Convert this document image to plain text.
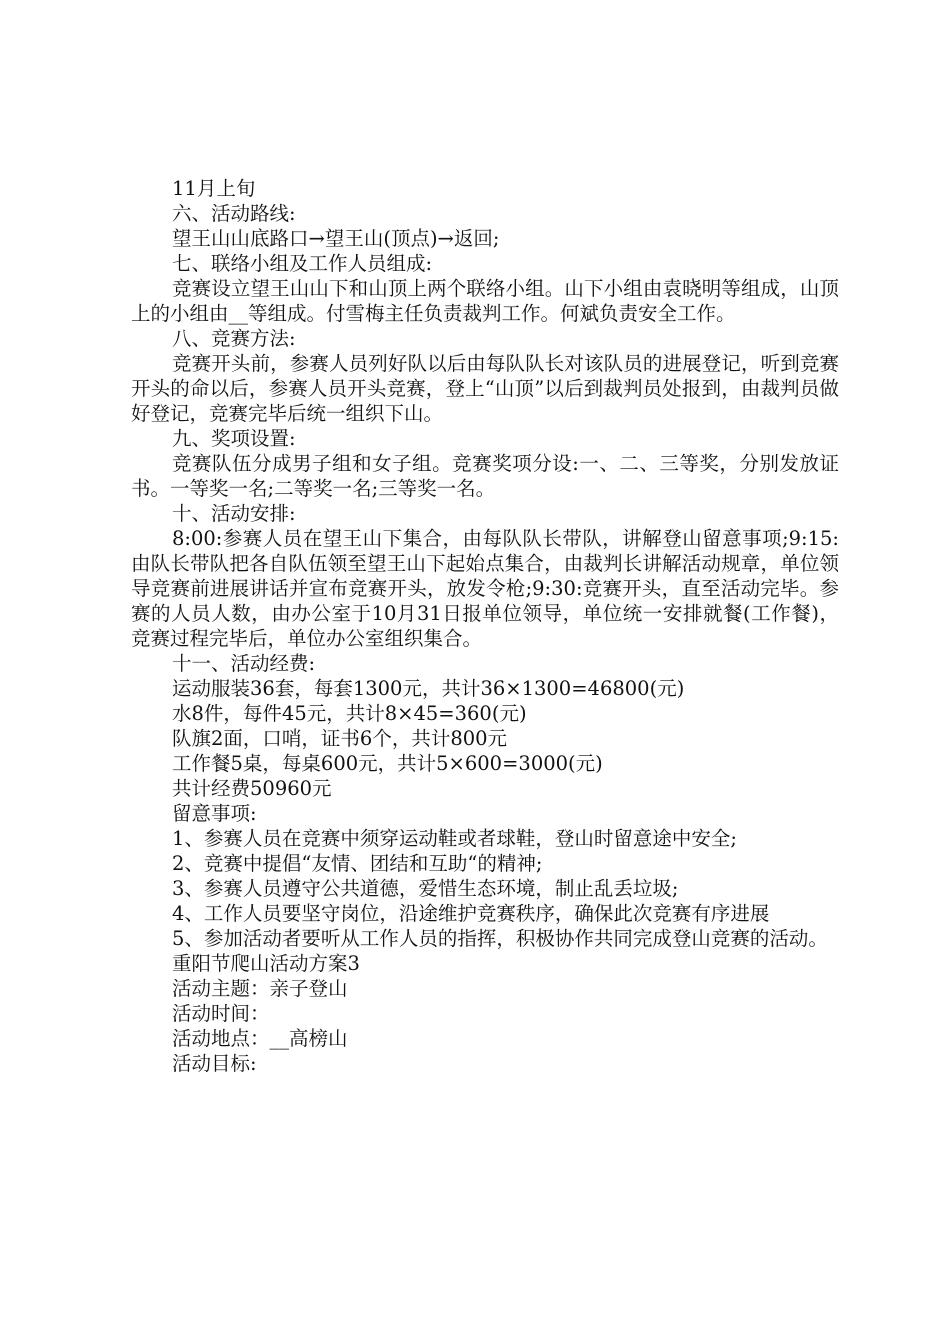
11月上旬

六、活动路线:

望王山山底路口→望王山(顶点)→返回;

七、联络小组及工作人员组成:

竞赛设立望王山山下和山顶上两个联络小组。山下小组由袁晓明等组成，山顶上的小组由__等组成。付雪梅主任负责裁判工作。何斌负责安全工作。

八、竞赛方法:

竞赛开头前，参赛人员列好队以后由每队队长对该队员的进展登记，听到竞赛开头的命以后，参赛人员开头竞赛，登上“山顶”以后到裁判员处报到，由裁判员做好登记，竞赛完毕后统一组织下山。

九、奖项设置:

竞赛队伍分成男子组和女子组。竞赛奖项分设:一、二、三等奖，分别发放证书。一等奖一名;二等奖一名;三等奖一名。

十、活动安排:

8:00:参赛人员在望王山下集合，由每队队长带队，讲解登山留意事项;9:15:由队长带队把各自队伍领至望王山下起始点集合，由裁判长讲解活动规章，单位领导竞赛前进展讲话并宣布竞赛开头，放发令枪;9:30:竞赛开头，直至活动完毕。参赛的人员人数，由办公室于10月31日报单位领导，单位统一安排就餐(工作餐)，竞赛过程完毕后，单位办公室组织集合。

十一、活动经费:

运动服装36套，每套1300元，共计36×1300=46800(元)

水8件，每件45元，共计8×45=360(元)

队旗2面，口哨，证书6个，共计800元

工作餐5桌，每桌600元，共计5×600=3000(元)

共计经费50960元

留意事项:

1、参赛人员在竞赛中须穿运动鞋或者球鞋，登山时留意途中安全;

2、竞赛中提倡“友情、团结和互助“的精神;

3、参赛人员遵守公共道德，爱惜生态环境，制止乱丢垃圾;

4、工作人员要坚守岗位，沿途维护竞赛秩序，确保此次竞赛有序进展

5、参加活动者要听从工作人员的指挥，积极协作共同完成登山竞赛的活动。

重阳节爬山活动方案3

活动主题：亲子登山

活动时间：

活动地点：__高榜山

活动目标:
